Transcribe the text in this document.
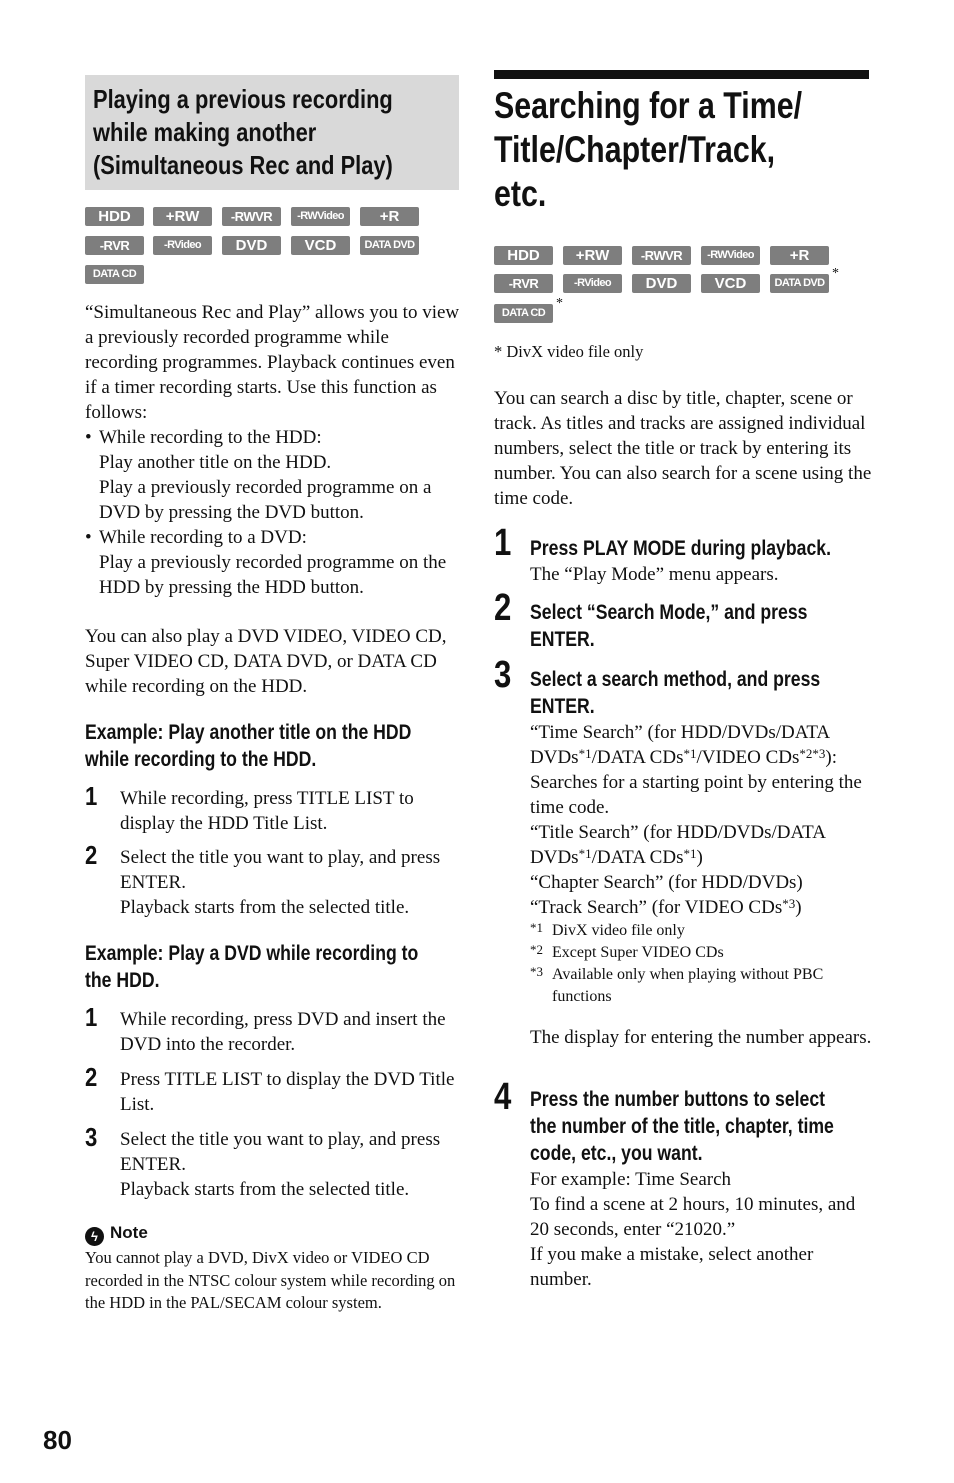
Playing a previous recording
while making another
(Simultaneous Rec and Play)
HDD	+RW	-RWVR	-RWVideo	+R
-RVR	-RVideo	DVD	VCD	DATA DVD
DATA CD
“Simultaneous Rec and Play” allows you to view a previously recorded programme while recording programmes. Playback continues even if a timer recording starts. Use this function as follows:
• While recording to the HDD:
Play another title on the HDD.
Play a previously recorded programme on a DVD by pressing the DVD button.
• While recording to a DVD:
Play a previously recorded programme on the HDD by pressing the HDD button.
You can also play a DVD VIDEO, VIDEO CD, Super VIDEO CD, DATA DVD, or DATA CD while recording on the HDD.
Example: Play another title on the HDD
while recording to the HDD.
1 While recording, press TITLE LIST to display the HDD Title List.
2 Select the title you want to play, and press ENTER.
Playback starts from the selected title.
Example: Play a DVD while recording to
the HDD.
1 While recording, press DVD and insert the DVD into the recorder.
2 Press TITLE LIST to display the DVD Title List.
3 Select the title you want to play, and press ENTER.
Playback starts from the selected title.
ϟ Note
You cannot play a DVD, DivX video or VIDEO CD recorded in the NTSC colour system while recording on the HDD in the PAL/SECAM colour system.
Searching for a Time/
Title/Chapter/Track,
etc.
HDD	+RW	-RWVR	-RWVideo	+R
-RVR	-RVideo	DVD	VCD	DATA DVD
*
DATA CD
*
* DivX video file only
You can search a disc by title, chapter, scene or track. As titles and tracks are assigned individual numbers, select the title or track by entering its number. You can also search for a scene using the time code.
1 Press PLAY MODE during playback.
The “Play Mode” menu appears.
2 Select “Search Mode,” and press
ENTER.
3 Select a search method, and press
ENTER.
“Time Search” (for HDD/DVDs/DATA DVDs$^{*1}$/DATA CDs$^{*1}$/VIDEO CDs$^{*2*3}$): Searches for a starting point by entering the time code.
“Title Search” (for HDD/DVDs/DATA DVDs$^{*1}$/DATA CDs$^{*1}$)
“Chapter Search” (for HDD/DVDs)
“Track Search” (for VIDEO CDs$^{*3}$)
*1 DivX video file only
*2 Except Super VIDEO CDs
*3 Available only when playing without PBC functions
The display for entering the number appears.
4 Press the number buttons to select
the number of the title, chapter, time
code, etc., you want.
For example: Time Search
To find a scene at 2 hours, 10 minutes, and 20 seconds, enter “21020.”
If you make a mistake, select another number.
80
